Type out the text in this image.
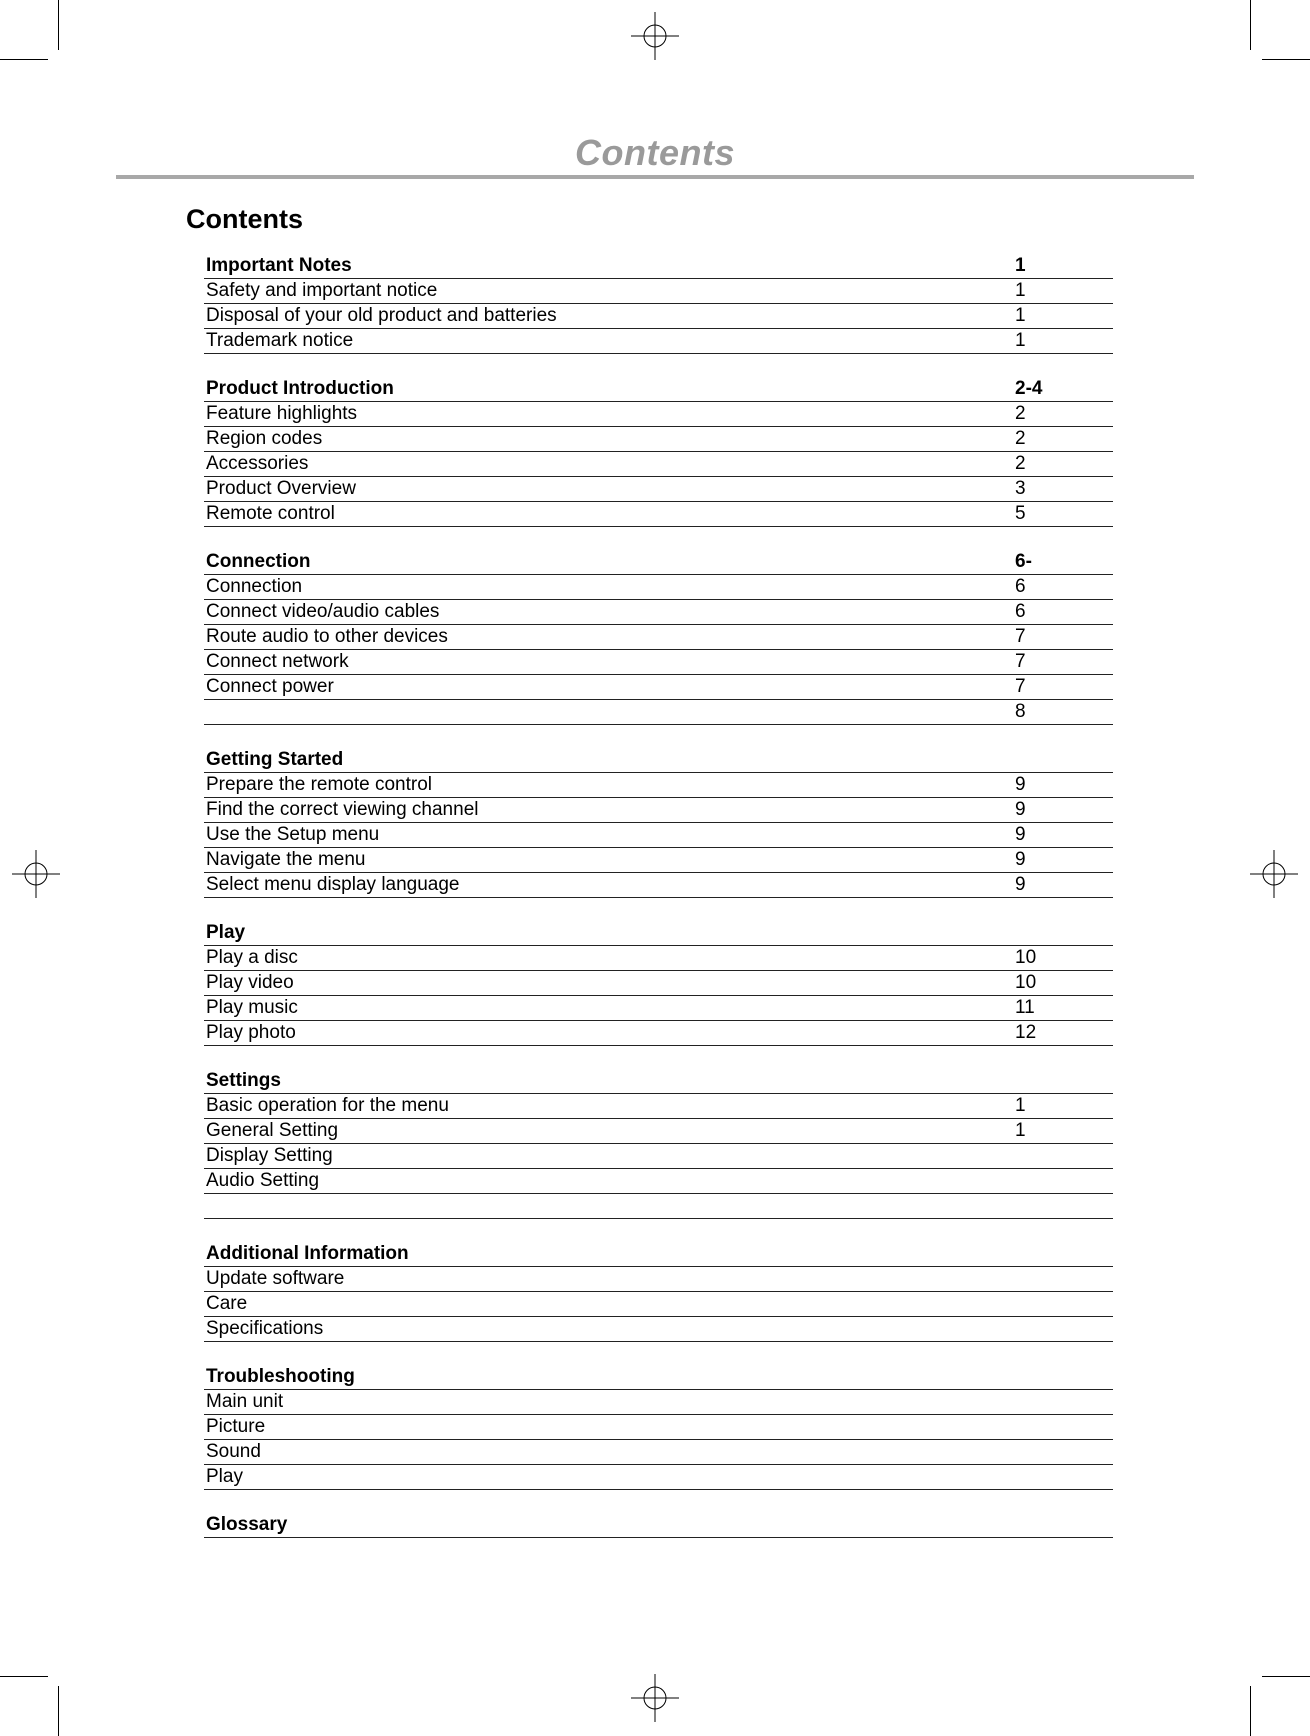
Contents
Contents
Important Notes	1
Safety and important notice	1
Disposal of your old product and batteries	1
Trademark notice	1
Product Introduction	2-4
Feature highlights	2
Region codes	2
Accessories	2
Product Overview	3
Remote control	5
Connection	6-
Connection	6
Connect video/audio cables	6
Route audio to other devices	7
Connect network	7
Connect power	7
8
Getting Started
Prepare the remote control	9
Find the correct viewing channel	9
Use the Setup menu	9
Navigate the menu	9
Select menu display language	9
Play
Play a disc	10
Play video	10
Play music	11
Play photo	12
Settings
Basic operation for the menu	1
General Setting	1
Display Setting
Audio Setting
Additional Information
Update software
Care
Specifications
Troubleshooting
Main unit
Picture
Sound
Play
Glossary
